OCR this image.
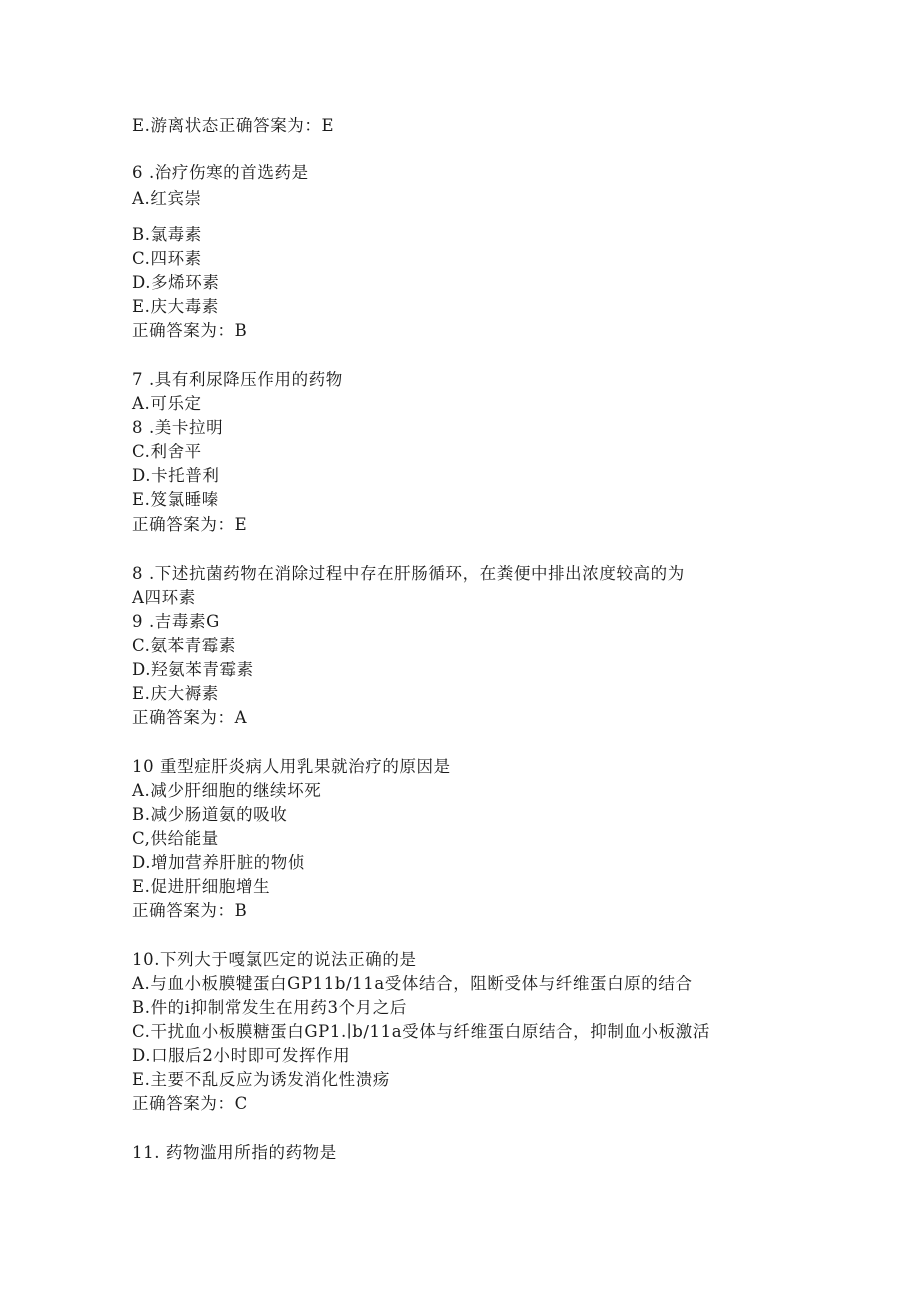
E.游离状态正确答案为：E
6 .治疗伤寒的首选药是
A.红宾崇
B.氯毒素
C.四环素
D.多烯环素
E.庆大毒素
正确答案为：B
7 .具有利尿降压作用的药物
A.可乐定
8 .美卡拉明
C.利舍平
D.卡托普利
E.笈氯睡嗪
正确答案为：E
8 .下述抗菌药物在消除过程中存在肝肠循环，在粪便中排出浓度较高的为
A四环素
9 .吉毒素G
C.氨苯青霉素
D.羟氨苯青霉素
E.庆大褥素
正确答案为：A
10 重型症肝炎病人用乳果就治疗的原因是
A.减少肝细胞的继续坏死
B.减少肠道氨的吸收
C,供给能量
D.增加营养肝脏的物侦
E.促进肝细胞增生
正确答案为：B
10.下列大于嘎氯匹定的说法正确的是
A.与血小板膜犍蛋白GP11b∕11a受体结合，阻断受体与纤维蛋白原的结合
B.件的i抑制常发生在用药3个月之后
C.干扰血小板膜糖蛋白GP1.∣b∕11a受体与纤维蛋白原结合，抑制血小板激活
D.口服后2小时即可发挥作用
E.主要不乱反应为诱发消化性溃疡
正确答案为：C
11. 药物滥用所指的药物是
